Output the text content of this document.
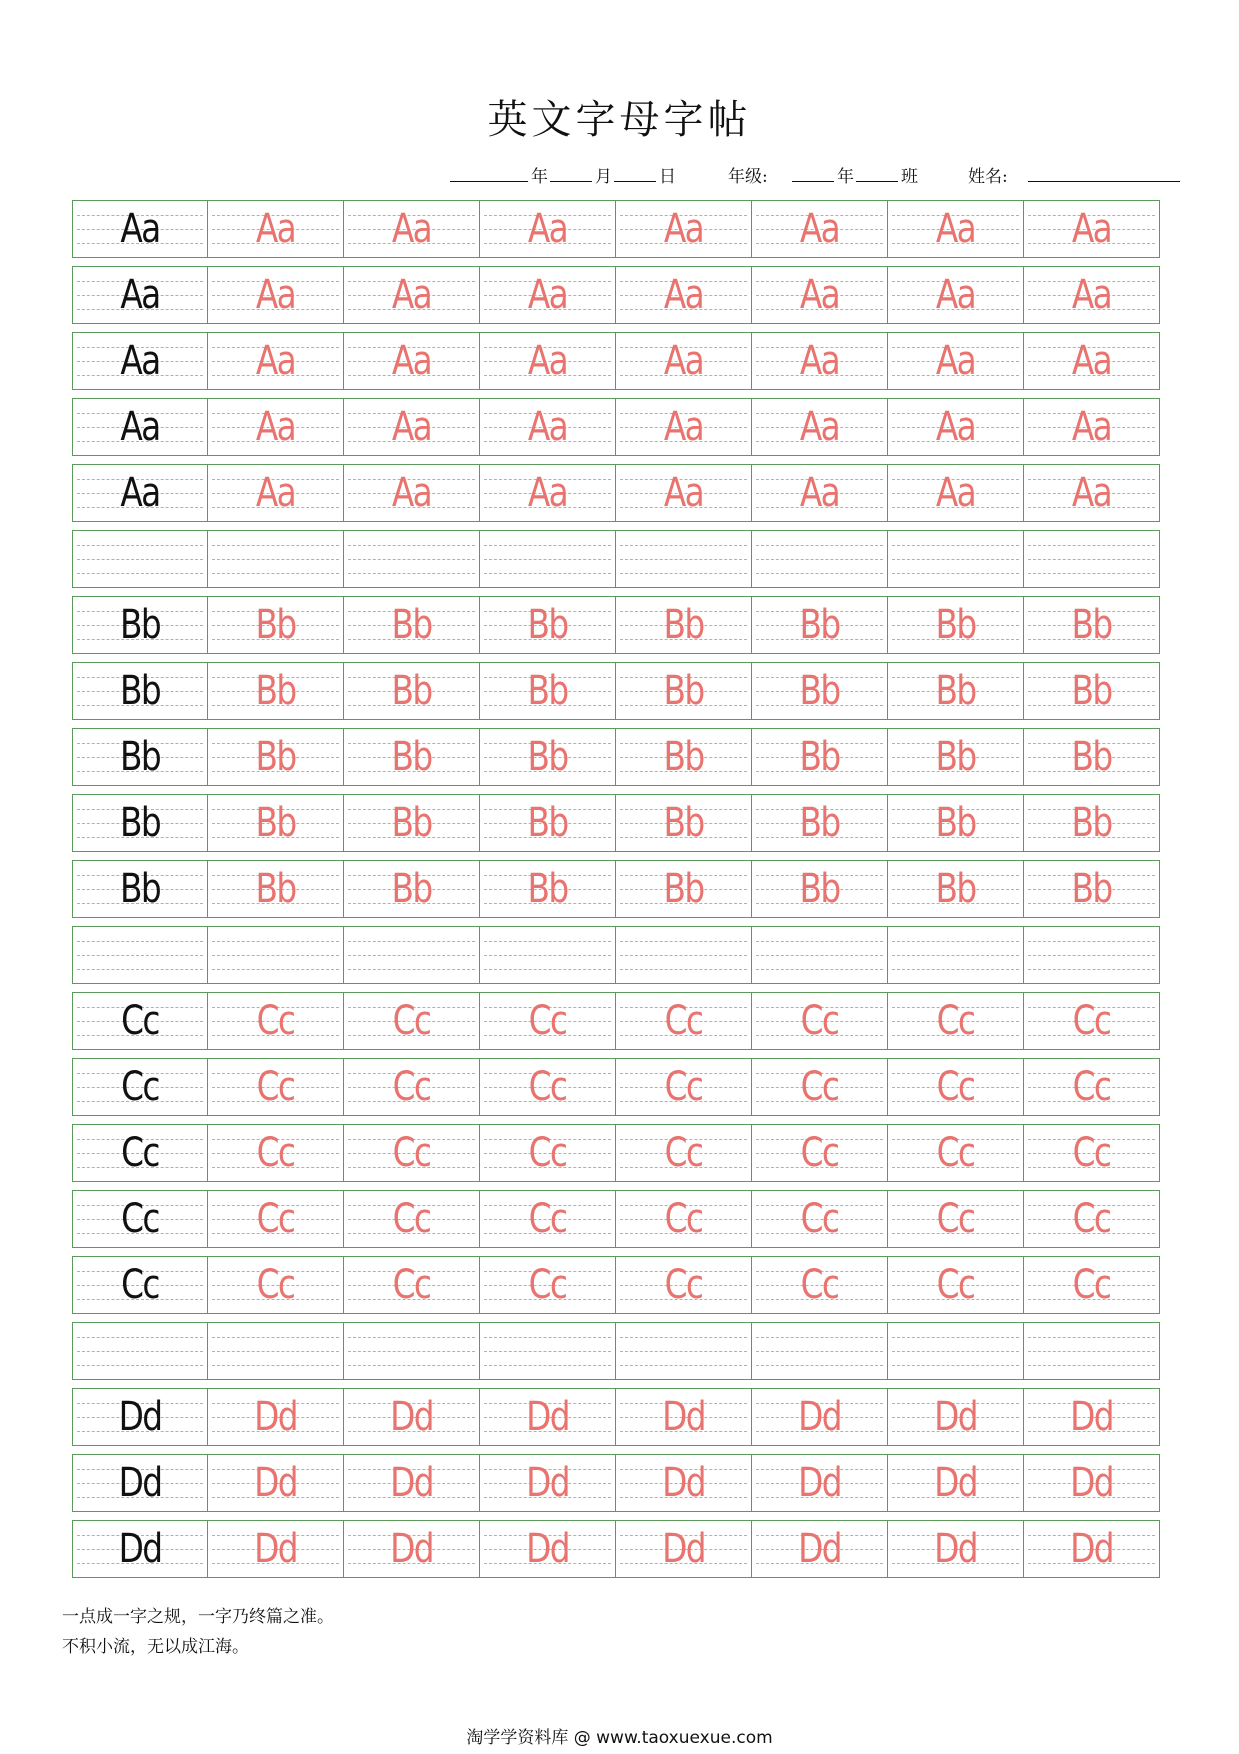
英文字母字帖
年	月	日	年级:	年	班	姓名:
Aa	Aa	Aa	Aa	Aa	Aa	Aa	Aa
Aa	Aa	Aa	Aa	Aa	Aa	Aa	Aa
Aa	Aa	Aa	Aa	Aa	Aa	Aa	Aa
Aa	Aa	Aa	Aa	Aa	Aa	Aa	Aa
Aa	Aa	Aa	Aa	Aa	Aa	Aa	Aa
Bb	Bb	Bb	Bb	Bb	Bb	Bb	Bb
Bb	Bb	Bb	Bb	Bb	Bb	Bb	Bb
Bb	Bb	Bb	Bb	Bb	Bb	Bb	Bb
Bb	Bb	Bb	Bb	Bb	Bb	Bb	Bb
Bb	Bb	Bb	Bb	Bb	Bb	Bb	Bb
Cc	Cc	Cc	Cc	Cc	Cc	Cc	Cc
Cc	Cc	Cc	Cc	Cc	Cc	Cc	Cc
Cc	Cc	Cc	Cc	Cc	Cc	Cc	Cc
Cc	Cc	Cc	Cc	Cc	Cc	Cc	Cc
Cc	Cc	Cc	Cc	Cc	Cc	Cc	Cc
Dd	Dd	Dd	Dd	Dd	Dd	Dd	Dd
Dd	Dd	Dd	Dd	Dd	Dd	Dd	Dd
Dd	Dd	Dd	Dd	Dd	Dd	Dd	Dd
一点成一字之规，一字乃终篇之准。
不积小流，无以成江海。
淘学学资料库 @ www.taoxuexue.com
